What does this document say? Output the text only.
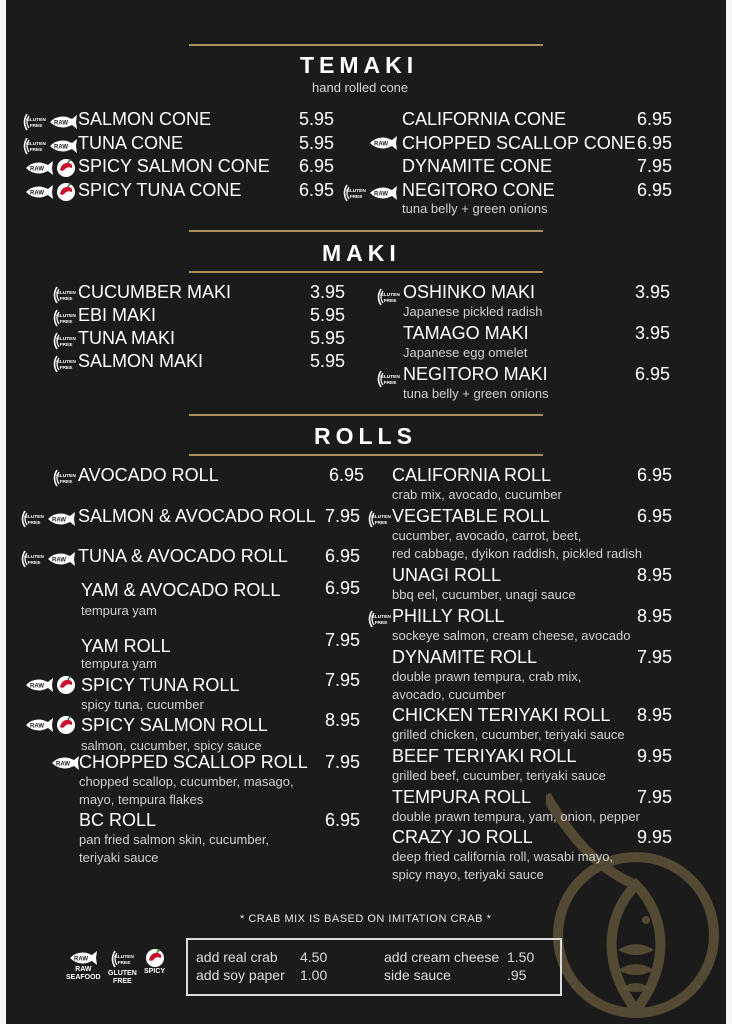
TEMAKI
hand rolled cone
GLUTEN
FREE RAW SALMON CONE	5.95
GLUTEN
FREE RAW TUNA CONE	5.95
RAW SPICY SALMON CONE 6.95
RAW SPICY TUNA CONE	6.95
CALIFORNIA CONE	6.95
RAW CHOPPED SCALLOP CONE 6.95
DYNAMITE CONE	7.95
GLUTEN
FREE RAW NEGITORO CONE	6.95
tuna belly + green onions
MAKI
GLUTEN
FREE CUCUMBER MAKI	3.95
GLUTEN
FREE EBI MAKI	5.95
GLUTEN
FREE TUNA MAKI	5.95
GLUTEN
FREE SALMON MAKI	5.95
GLUTEN
FREE OSHINKO MAKI	3.95
Japanese pickled radish
TAMAGO MAKI	3.95
Japanese egg omelet
GLUTEN
FREE NEGITORO MAKI	6.95
tuna belly + green onions
ROLLS
GLUTEN
FREE AVOCADO ROLL	6.95
GLUTEN
FREE RAW SALMON & AVOCADO ROLL 7.95
GLUTEN
FREE RAW TUNA & AVOCADO ROLL 6.95
YAM & AVOCADO ROLL 6.95
tempura yam
YAM ROLL	7.95
tempura yam
RAW SPICY TUNA ROLL	7.95
spicy tuna, cucumber
RAW SPICY SALMON ROLL	8.95
salmon, cucumber, spicy sauce
RAW CHOPPED SCALLOP ROLL 7.95
chopped scallop, cucumber, masago,
mayo, tempura flakes
BC ROLL	6.95
pan fried salmon skin, cucumber,
teriyaki sauce
CALIFORNIA ROLL	6.95
crab mix, avocado, cucumber
GLUTEN
FREE VEGETABLE ROLL	6.95
cucumber, avocado, carrot, beet,
red cabbage, dyikon raddish, pickled radish
UNAGI ROLL	8.95
bbq eel, cucumber, unagi sauce
GLUTEN
FREE PHILLY ROLL	8.95
sockeye salmon, cream cheese, avocado
DYNAMITE ROLL	7.95
double prawn tempura, crab mix,
avocado, cucumber
CHICKEN TERIYAKI ROLL 8.95
grilled chicken, cucumber, teriyaki sauce
BEEF TERIYAKI ROLL	9.95
grilled beef, cucumber, teriyaki sauce
TEMPURA ROLL	7.95
double prawn tempura, yam, onion, pepper
CRAZY JO ROLL	9.95
deep fried california roll, wasabi mayo,
spicy mayo, teriyaki sauce
* CRAB MIX IS BASED ON IMITATION CRAB *
RAW
RAW
SEAFOOD
GLUTEN
FREE
GLUTEN
FREE
SPICY
add real crab 4.50
add soy paper 1.00
add cream cheese 1.50
side sauce	.95
